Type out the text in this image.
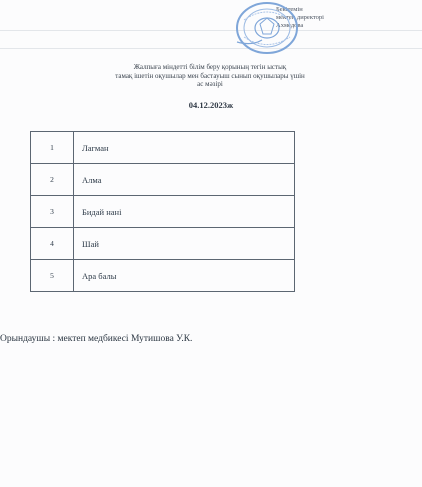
Бекітемін
мектеп директорі
Ахмедова
Жалпыға міндетті білім беру қорының тегін ыстық
тамақ ішетін оқушылар мен бастауыш сынып оқушылары үшін
ас мәзірі
04.12.2023ж
1	Лагман
2	Алма
3	Бидай нанi
4	Шай
5	Ара балы
Орындаушы : мектеп медбикесi Мутишова У.К.
